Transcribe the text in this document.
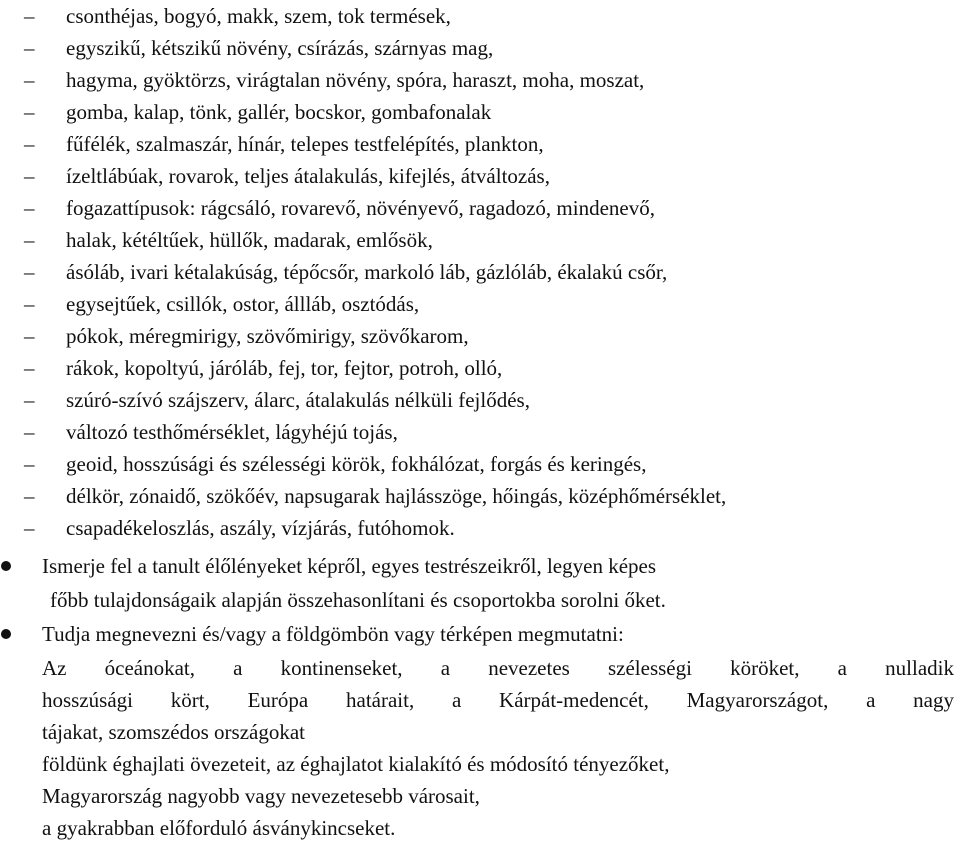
– csonthéjas, bogyó, makk, szem, tok termések,
– egyszikű, kétszikű növény, csírázás, szárnyas mag,
– hagyma, gyöktörzs, virágtalan növény, spóra, haraszt, moha, moszat,
– gomba, kalap, tönk, gallér, bocskor, gombafonalak
– fűfélék, szalmaszár, hínár, telepes testfelépítés, plankton,
– ízeltlábúak, rovarok, teljes átalakulás, kifejlés, átváltozás,
– fogazattípusok: rágcsáló, rovarevő, növényevő, ragadozó, mindenevő,
– halak, kétéltűek, hüllők, madarak, emlősök,
– ásóláb, ivari kétalakúság, tépőcsőr, markoló láb, gázlóláb, ékalakú csőr,
– egysejtűek, csillók, ostor, állláb, osztódás,
– pókok, méregmirigy, szövőmirigy, szövőkarom,
– rákok, kopoltyú, járóláb, fej, tor, fejtor, potroh, olló,
– szúró-szívó szájszerv, álarc, átalakulás nélküli fejlődés,
– változó testhőmérséklet, lágyhéjú tojás,
– geoid, hosszúsági és szélességi körök, fokhálózat, forgás és keringés,
– délkör, zónaidő, szökőév, napsugarak hajlásszöge, hőingás, középhőmérséklet,
– csapadékeloszlás, aszály, vízjárás, futóhomok.
Ismerje fel a tanult élőlényeket képről, egyes testrészeikről, legyen képes
főbb tulajdonságaik alapján összehasonlítani és csoportokba sorolni őket.
Tudja megnevezni és/vagy a földgömbön vagy térképen megmutatni:
Az óceánokat, a kontinenseket, a nevezetes szélességi köröket, a nulladik
hosszúsági kört, Európa határait, a Kárpát-medencét, Magyarországot, a nagy
tájakat, szomszédos országokat
földünk éghajlati övezeteit, az éghajlatot kialakító és módosító tényezőket,
Magyarország nagyobb vagy nevezetesebb városait,
a gyakrabban előforduló ásványkincseket.
